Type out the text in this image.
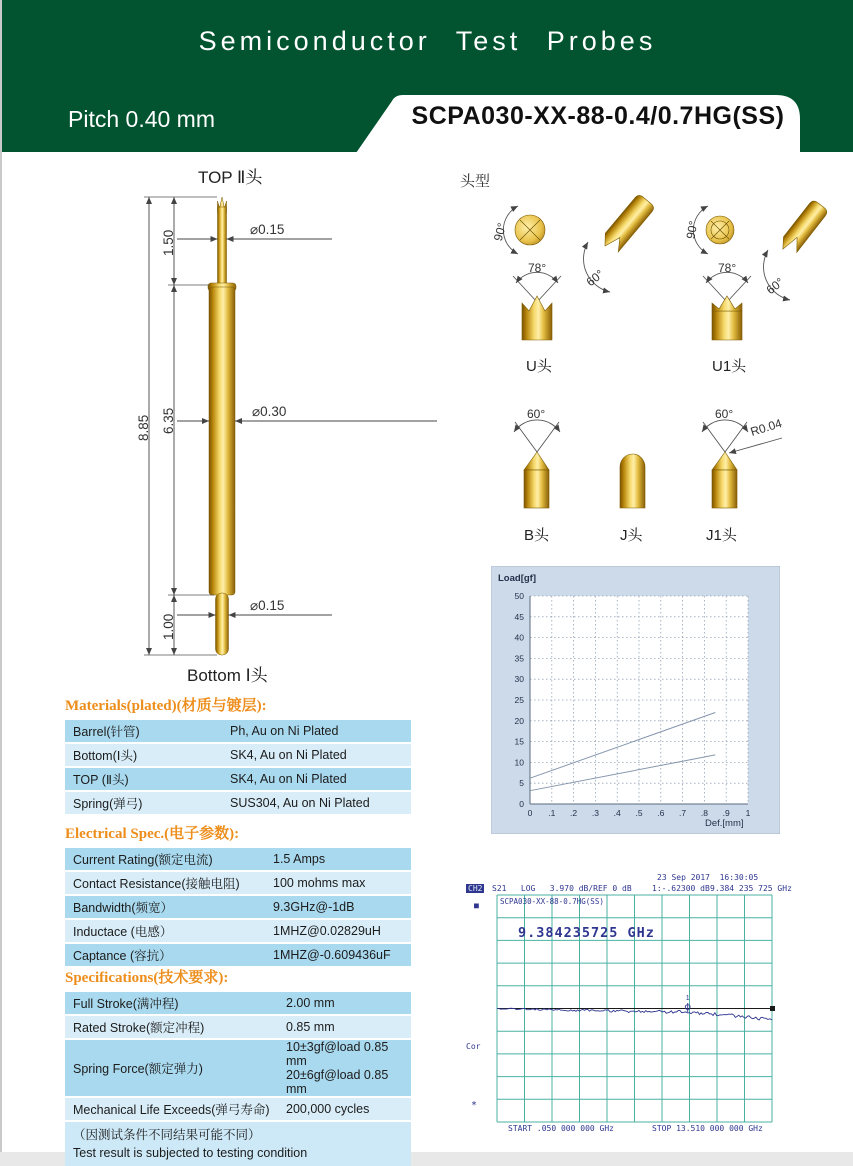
Semiconductor Test Probes
Pitch 0.40 mm	SCPA030-XX-88-0.4/0.7HG(SS)
TOP Ⅱ头
8.85
1.50
6.35
1.00
⌀0.15
⌀0.30
⌀0.15
Bottom Ⅰ头
头型
90°
60°
78°
90°
60°
78°
60°	60°
R0.04
U头	U1头
B头	J头	J1头
Load[gf]
Def.[mm]
0 .1 .2 .3 .4 .5 .6 .7 .8 .9 1
0
5
10
15
20
25
30
35
40
45
50
Materials(plated)(材质与镀层):
Barrel(针管)	Ph, Au on Ni Plated
Bottom(Ⅰ头)	SK4, Au on Ni Plated
TOP (Ⅱ头)	SK4, Au on Ni Plated
Spring(弹弓)	SUS304, Au on Ni Plated
Electrical Spec.(电子参数):
Current Rating(额定电流)	1.5 Amps
Contact Resistance(接触电阻)	100 mohms max
Bandwidth(频宽）	9.3GHz@-1dB
Inductace (电感）	1MHZ@0.02829uH
Captance (容抗）	1MHZ@-0.609436uF
Specifications(技术要求):
Full Stroke(满冲程)	2.00 mm
Rated Stroke(额定冲程)	0.85 mm
Spring Force(额定弹力)
10±3gf@load 0.85 mm
20±6gf@load 0.85 mm
Mechanical Life Exceeds(弹弓寿命)	200,000 cycles
（因测试条件不同结果可能不同）
Test result is subjected to testing condition
1
23 Sep 2017  16:30:05
CH2 S21   LOG   3.970 dB/REF 0 dB	1:-.62300 dB 9.384 235 725 GHz
SCPA030-XX-88-0.7HG(SS)
9.384235725 GHz
■
Cor
*
START .050 000 000 GHz	STOP 13.510 000 000 GHz
